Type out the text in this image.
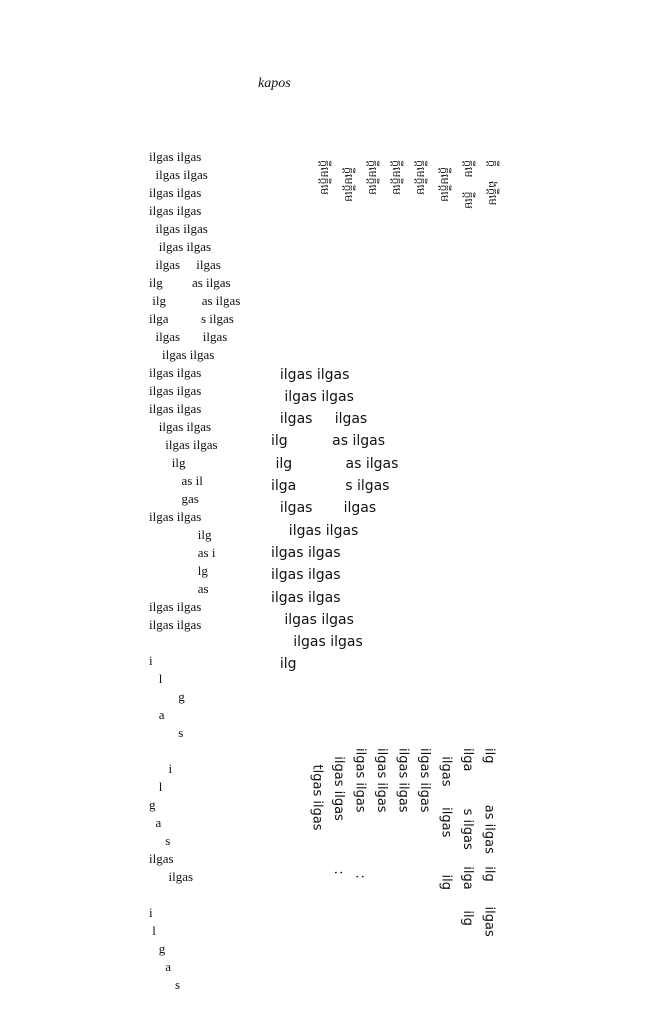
kapos

ilgas ilgas
ilgas ilgas
ilgas ilgas
ilgas ilgas
ilgas ilgas
ilgas ilgas
ilgas     ilgas
ilg         as ilgas
ilg           as ilgas
ilga          s ilgas
ilgas       ilgas
ilgas ilgas
ilgas ilgas
ilgas ilgas
ilgas ilgas
ilgas ilgas
ilgas ilgas
ilg
as il
gas
ilgas ilgas
ilg
as i
lg
as
ilgas ilgas
ilgas ilgas

i
l
g
a
s

i
l
g
a
s
ilgas
ilgas

i
l
g
a
s

ilgas ilgas
ilgas ilgas
ilgas     ilgas
ilg          as ilgas
ilg            as ilgas
ilga           s ilgas
ilgas       ilgas
ilgas ilgas
ilgas ilgas
ilgas ilgas
ilgas ilgas
ilgas ilgas
ilgas ilgas
ilg

ក្តី    ងក្តីមេ
ក្តីមេ    ក្តីមេ
ក្តីមេក្តីមេ
ក្តីមេក្តីមេ
ក្តីមេក្តីមេ
ក្តីមេក្តីមេ
ក្តីមេក្តីមេ
ក្តីមេក្តីមេ

ilg          as ilgas   ilg      ilgas
ilga         s ilgas    ilga     ilg
ilgas     ilgas         ilg
ilgas ilgas
ilgas ilgas
ilgas ilgas
ilgas ilgas               :
ilgas ilgas            :
tlgas ilgas
